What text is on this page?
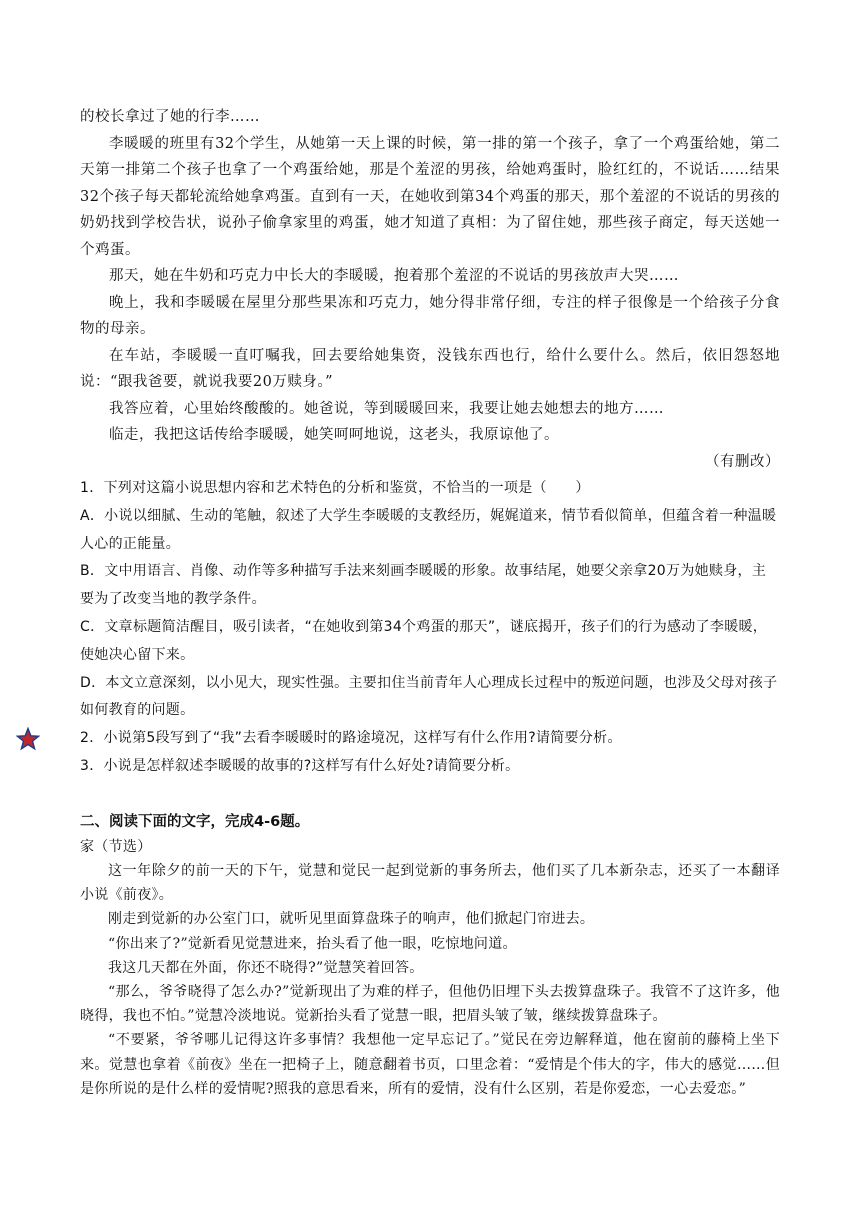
的校长拿过了她的行李……

李暖暖的班里有32个学生，从她第一天上课的时候，第一排的第一个孩子，拿了一个鸡蛋给她，第二天第一排第二个孩子也拿了一个鸡蛋给她，那是个羞涩的男孩，给她鸡蛋时，脸红红的，不说话……结果32个孩子每天都轮流给她拿鸡蛋。直到有一天，在她收到第34个鸡蛋的那天，那个羞涩的不说话的男孩的奶奶找到学校告状，说孙子偷拿家里的鸡蛋，她才知道了真相：为了留住她，那些孩子商定，每天送她一个鸡蛋。

那天，她在牛奶和巧克力中长大的李暖暖，抱着那个羞涩的不说话的男孩放声大哭……

晚上，我和李暖暖在屋里分那些果冻和巧克力，她分得非常仔细，专注的样子很像是一个给孩子分食物的母亲。

在车站，李暖暖一直叮嘱我，回去要给她集资，没钱东西也行，给什么要什么。然后，依旧怨怒地说：“跟我爸要，就说我要20万赎身。”

我答应着，心里始终酸酸的。她爸说，等到暖暖回来，我要让她去她想去的地方……

临走，我把这话传给李暖暖，她笑呵呵地说，这老头，我原谅他了。

（有删改）

1．下列对这篇小说思想内容和艺术特色的分析和鉴赏，不恰当的一项是（　　）

A．小说以细腻、生动的笔触，叙述了大学生李暖暖的支教经历，娓娓道来，情节看似简单，但蕴含着一种温暖人心的正能量。

B．文中用语言、肖像、动作等多种描写手法来刻画李暖暖的形象。故事结尾，她要父亲拿20万为她赎身，主要为了改变当地的教学条件。

C．文章标题简洁醒目，吸引读者，“在她收到第34个鸡蛋的那天”，谜底揭开，孩子们的行为感动了李暖暖，使她决心留下来。

D．本文立意深刻，以小见大，现实性强。主要扣住当前青年人心理成长过程中的叛逆问题，也涉及父母对孩子如何教育的问题。

2．小说第5段写到了“我”去看李暖暖时的路途境况，这样写有什么作用?请简要分析。

3．小说是怎样叙述李暖暖的故事的?这样写有什么好处?请简要分析。

二、阅读下面的文字，完成4-6题。

家（节选）

这一年除夕的前一天的下午，觉慧和觉民一起到觉新的事务所去，他们买了几本新杂志，还买了一本翻译小说《前夜》。

刚走到觉新的办公室门口，就听见里面算盘珠子的响声，他们掀起门帘进去。

“你出来了?”觉新看见觉慧进来，抬头看了他一眼，吃惊地问道。

我这几天都在外面，你还不晓得?”觉慧笑着回答。

“那么，爷爷晓得了怎么办?”觉新现出了为难的样子，但他仍旧埋下头去拨算盘珠子。我管不了这许多，他晓得，我也不怕。”觉慧冷淡地说。觉新抬头看了觉慧一眼，把眉头皱了皱，继续拨算盘珠子。

“不要紧，爷爷哪儿记得这许多事情？我想他一定早忘记了。”觉民在旁边解释道，他在窗前的藤椅上坐下来。觉慧也拿着《前夜》坐在一把椅子上，随意翻着书页，口里念着：“爱情是个伟大的字，伟大的感觉……但是你所说的是什么样的爱情呢?照我的意思看来，所有的爱情，没有什么区别，若是你爱恋，一心去爱恋。”
